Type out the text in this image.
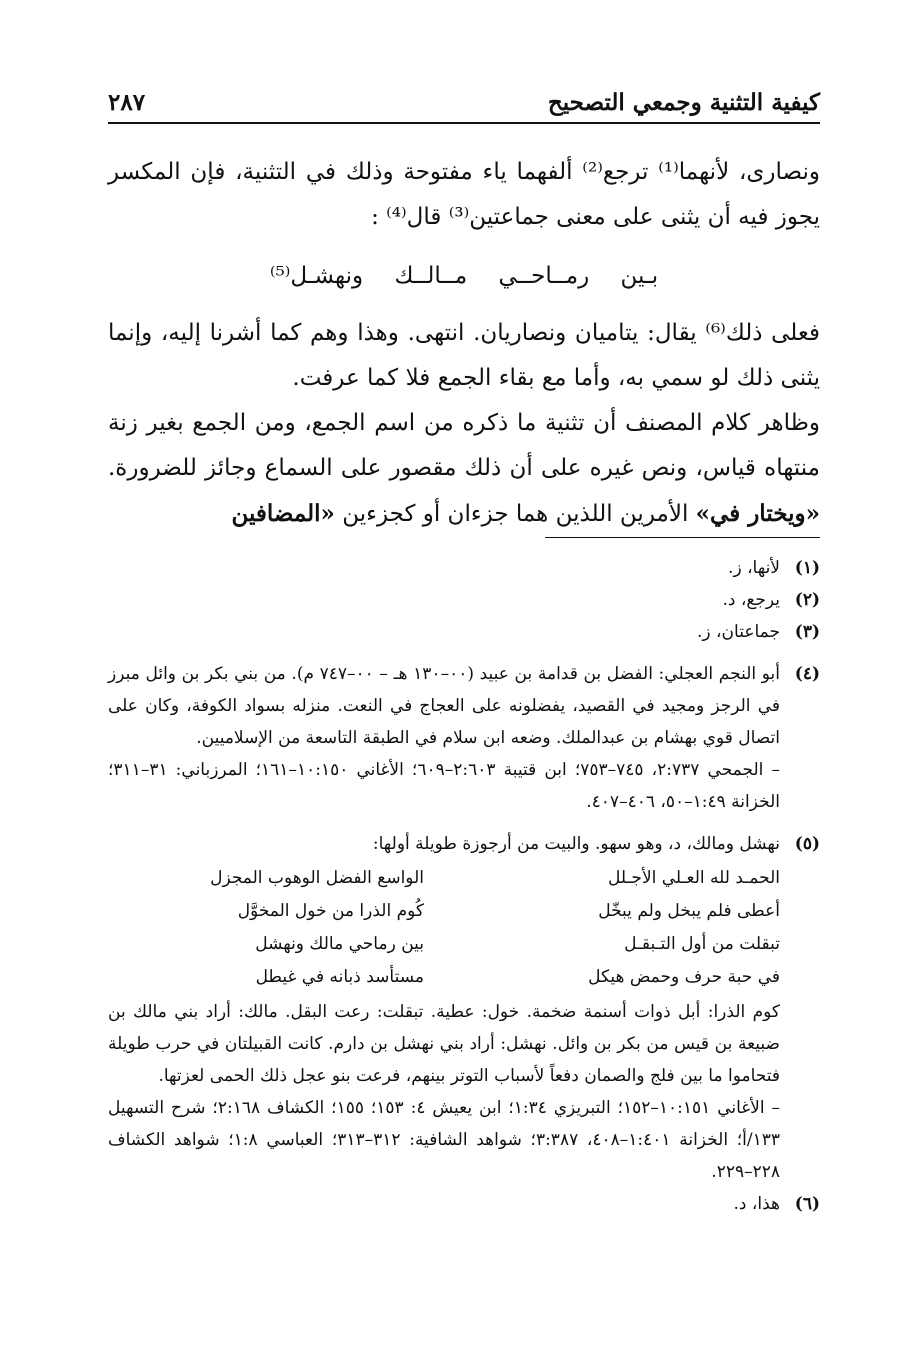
كيفية التثنية وجمعي التصحيح
٢٨٧

ونصارى، لأنهما⁽¹⁾ ترجع⁽²⁾ ألفهما ياء مفتوحة وذلك في التثنية، فإن المكسر يجوز فيه أن يثنى على معنى جماعتين⁽³⁾ قال⁽⁴⁾ :

بـين رمــاحــي مــالــك ونهشـل⁽⁵⁾

فعلى ذلك⁽⁶⁾ يقال: يتاميان ونصاريان. انتهى. وهذا وهم كما أشرنا إليه، وإنما يثنى ذلك لو سمي به، وأما مع بقاء الجمع فلا كما عرفت.

وظاهر كلام المصنف أن تثنية ما ذكره من اسم الجمع، ومن الجمع بغير زنة منتهاه قياس، ونص غيره على أن ذلك مقصور على السماع وجائز للضرورة. «ويختار في» الأمرين اللذين هما جزءان أو كجزءين «المضافين

(١)
لأنها، ز.
(٢)
يرجع، د.
(٣)
جماعتان، ز.
(٤)
أبو النجم العجلي: الفضل بن قدامة بن عبيد (٠٠–١٣٠ هـ – ٠٠–٧٤٧ م). من بني بكر بن وائل مبرز في الرجز ومجيد في القصيد، يفضلونه على العجاج في النعت. منزله بسواد الكوفة، وكان على اتصال قوي بهشام بن عبدالملك. وضعه ابن سلام في الطبقة التاسعة من الإسلاميين.

– الجمحي ٢:٧٣٧، ٧٤٥–٧٥٣؛ ابن قتيبة ٢:٦٠٣–٦٠٩؛ الأغاني ١٠:١٥٠–١٦١؛ المرزباني: ٣١–٣١١؛ الخزانة ١:٤٩–٥٠، ٤٠٦–٤٠٧.

(٥)
نهشل ومالك، د، وهو سهو. والبيت من أرجوزة طويلة أولها:
الحمـد لله العـلي الأجـلل
الواسع الفضل الوهوب المجزل
أعطى فلم يبخل ولم يبخّل
كُوم الذرا من خول المخوَّل
تبقلت من أول التـبقـل
بين رماحي مالك ونهشل
في حبة حرف وحمض هيكل
مستأسد ذبانه في غيطل

كوم الذرا: أبل ذوات أسنمة ضخمة. خول: عطية. تبقلت: رعت البقل. مالك: أراد بني مالك بن ضبيعة بن قيس من بكر بن وائل. نهشل: أراد بني نهشل بن دارم. كانت القبيلتان في حرب طويلة فتحاموا ما بين فلج والصمان دفعاً لأسباب التوتر بينهم، فرعت بنو عجل ذلك الحمى لعزتها.

– الأغاني ١٠:١٥١–١٥٢؛ التبريزي ١:٣٤؛ ابن يعيش ٤: ١٥٣؛ ١٥٥؛ الكشاف ٢:١٦٨؛ شرح التسهيل ١٣٣/أ؛ الخزانة ١:٤٠١–٤٠٨، ٣:٣٨٧؛ شواهد الشافية: ٣١٢–٣١٣؛ العباسي ١:٨؛ شواهد الكشاف ٢٢٨–٢٢٩.

(٦)
هذا، د.
